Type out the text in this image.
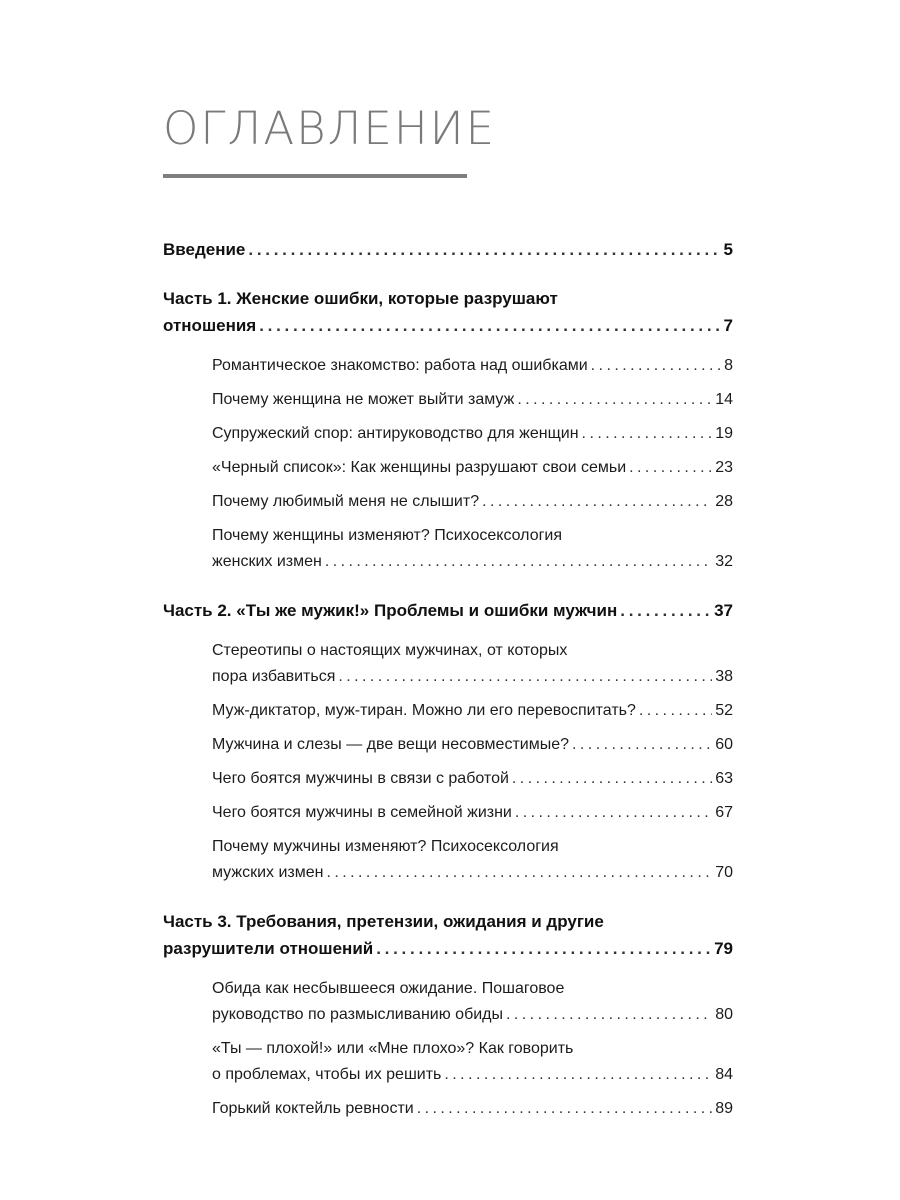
ОГЛАВЛЕНИЕ
Введение . . .	5
Часть 1. Женские ошибки, которые разрушают
отношения . . .	7
Романтическое знакомство: работа над ошибками . . .	8
Почему женщина не может выйти замуж . . .	14
Супружеский спор: антируководство для женщин . . .	19
«Черный список»: Как женщины разрушают свои семьи . . .	23
Почему любимый меня не слышит? . . .	28
Почему женщины изменяют? Психосексология
женских измен . . .	32
Часть 2. «Ты же мужик!» Проблемы и ошибки мужчин . . .	37
Стереотипы о настоящих мужчинах, от которых
пора избавиться . . .	38
Муж-диктатор, муж-тиран. Можно ли его перевоспитать? . . .	52
Мужчина и слезы — две вещи несовместимые? . . .	60
Чего боятся мужчины в связи с работой . . .	63
Чего боятся мужчины в семейной жизни . . .	67
Почему мужчины изменяют? Психосексология
мужских измен . . .	70
Часть 3. Требования, претензии, ожидания и другие
разрушители отношений . . .	79
Обида как несбывшееся ожидание. Пошаговое
руководство по размысливанию обиды . . .	80
«Ты — плохой!» или «Мне плохо»? Как говорить
о проблемах, чтобы их решить . . .	84
Горький коктейль ревности . . .	89
